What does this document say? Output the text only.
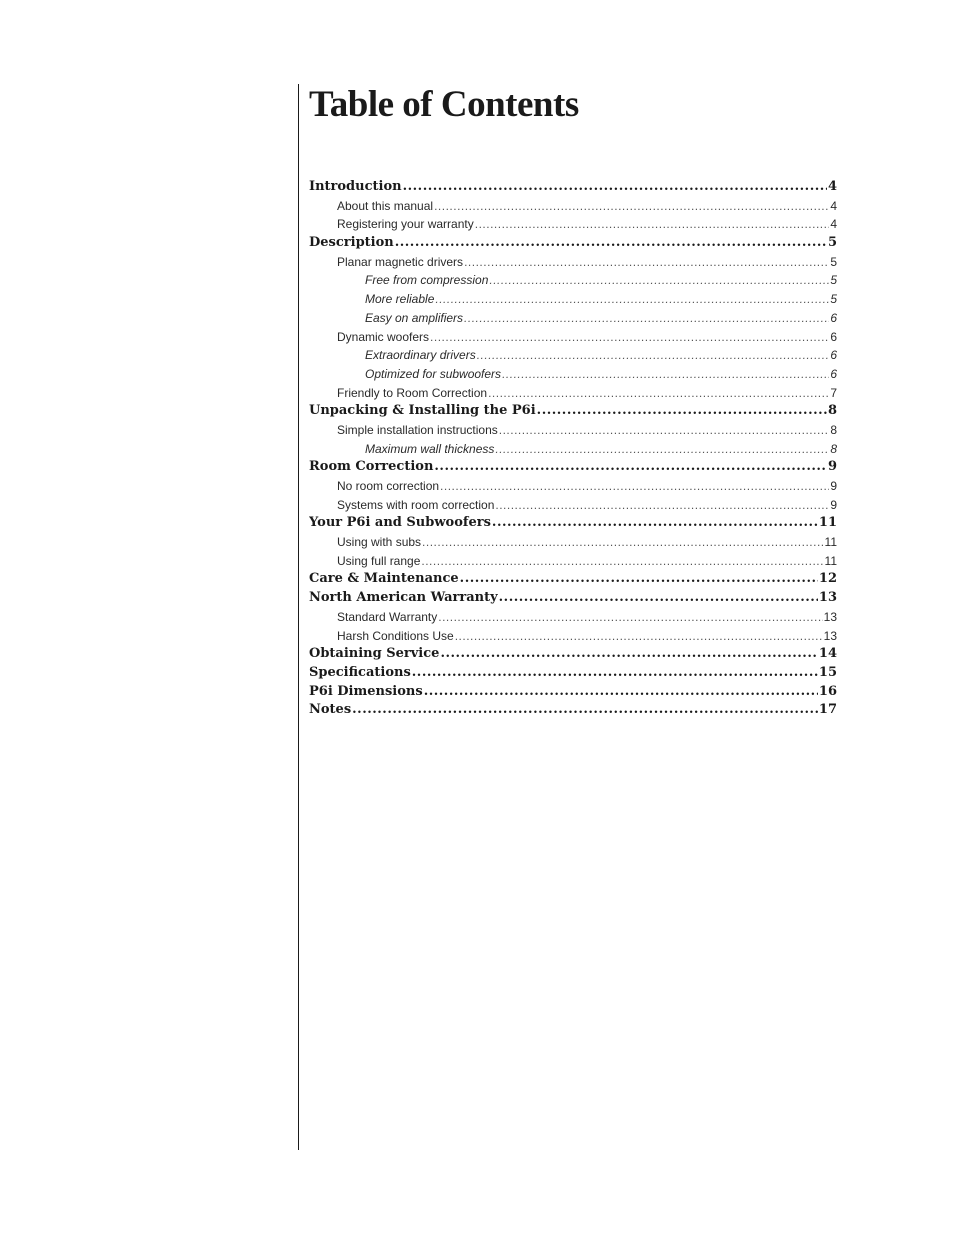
Table of Contents
Introduction .....	4
About this manual .....	4
Registering your warranty .....	4
Description .....	5
Planar magnetic drivers .....	5
Free from compression .....	5
More reliable .....	5
Easy on amplifiers .....	6
Dynamic woofers .....	6
Extraordinary drivers .....	6
Optimized for subwoofers .....	6
Friendly to Room Correction .....	7
Unpacking & Installing the P6i .....	8
Simple installation instructions .....	8
Maximum wall thickness .....	8
Room Correction .....	9
No room correction .....	9
Systems with room correction .....	9
Your P6i and Subwoofers .....	11
Using with subs .....	11
Using full range .....	11
Care & Maintenance .....	12
North American Warranty .....	13
Standard Warranty .....	13
Harsh Conditions Use .....	13
Obtaining Service .....	14
Specifications .....	15
P6i Dimensions .....	16
Notes .....	17
